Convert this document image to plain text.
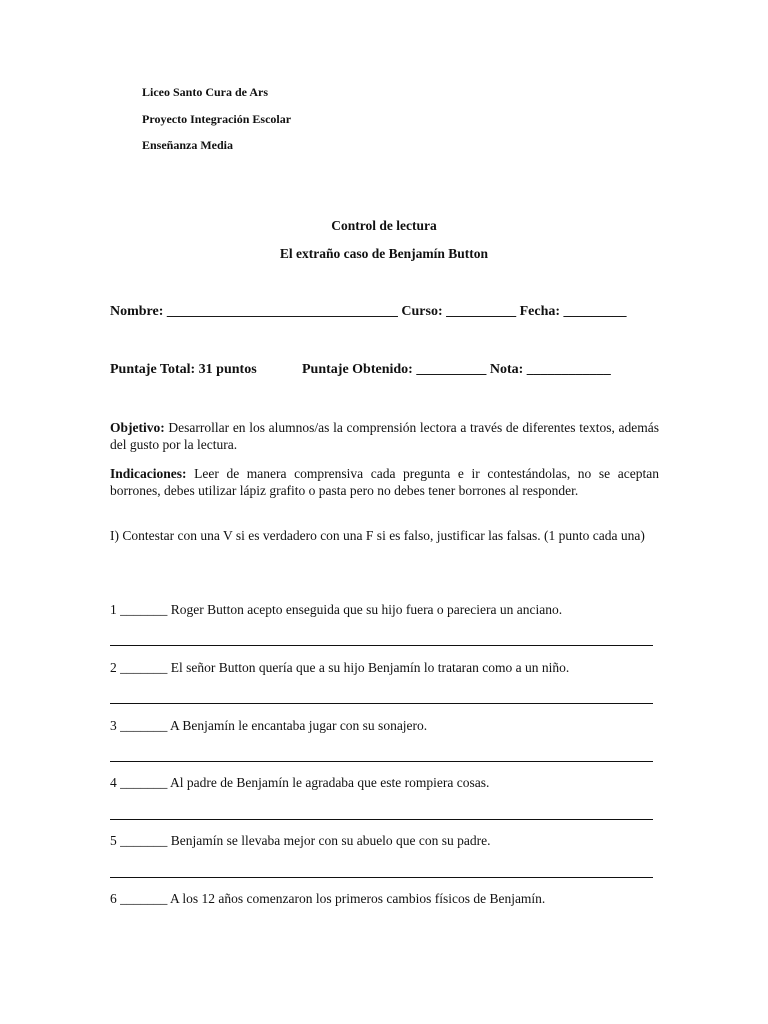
Liceo Santo Cura de Ars
Proyecto Integración Escolar
Enseñanza Media
Control de lectura
El extraño caso de Benjamín Button
Nombre: _________________________________ Curso: __________ Fecha: _________
Puntaje Total: 31 puntos	Puntaje Obtenido: __________ Nota: ____________
Objetivo: Desarrollar en los alumnos/as la comprensión lectora a través de diferentes textos, además del gusto por la lectura.
Indicaciones: Leer de manera comprensiva cada pregunta e ir contestándolas, no se aceptan borrones, debes utilizar lápiz grafito o pasta pero no debes tener borrones al responder.
I) Contestar con una V si es verdadero con una F si es falso, justificar las falsas. (1 punto cada una)
1 _______ Roger Button acepto enseguida que su hijo fuera o pareciera un anciano.
2 _______ El señor Button quería que a su hijo Benjamín lo trataran como a un niño.
3 _______ A Benjamín le encantaba jugar con su sonajero.
4 _______ Al padre de Benjamín le agradaba que este rompiera cosas.
5 _______ Benjamín se llevaba mejor con su abuelo que con su padre.
6 _______ A los 12 años comenzaron los primeros cambios físicos de Benjamín.
